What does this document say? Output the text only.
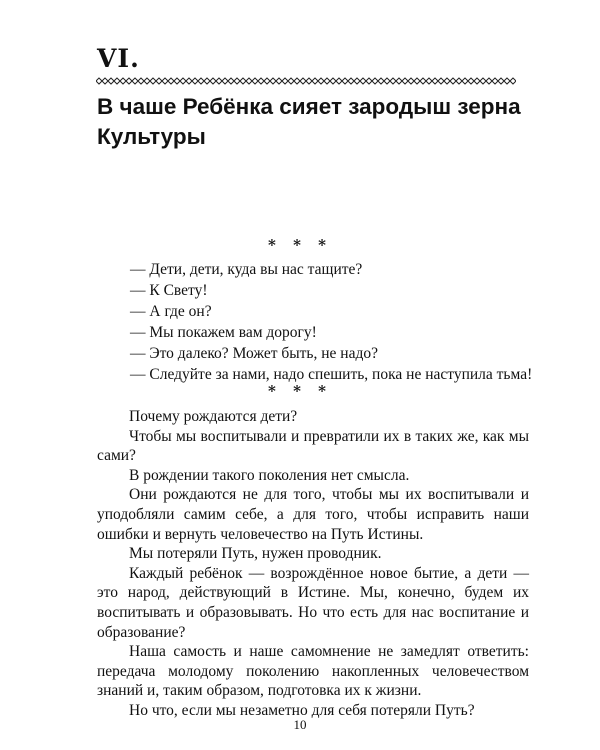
VI.
В чаше Ребёнка сияет зародыш зерна Культуры
* * *
— Дети, дети, куда вы нас тащите?
— К Свету!
— А где он?
— Мы покажем вам дорогу!
— Это далеко? Может быть, не надо?
— Следуйте за нами, надо спешить, пока не наступила тьма!
* * *

Почему рождаются дети?

Чтобы мы воспитывали и превратили их в таких же, как мы сами?

В рождении такого поколения нет смысла.

Они рождаются не для того, чтобы мы их воспитывали и уподобляли самим себе, а для того, чтобы исправить наши ошибки и вернуть человечество на Путь Истины.

Мы потеряли Путь, нужен проводник.

Каждый ребёнок — возрождённое новое бытие, а дети — это народ, действующий в Истине. Мы, конечно, будем их воспитывать и образовывать. Но что есть для нас воспитание и образование?

Наша самость и наше самомнение не замедлят ответить: передача молодому поколению накопленных человечеством знаний и, таким образом, подготовка их к жизни.

Но что, если мы незаметно для себя потеряли Путь?

10
